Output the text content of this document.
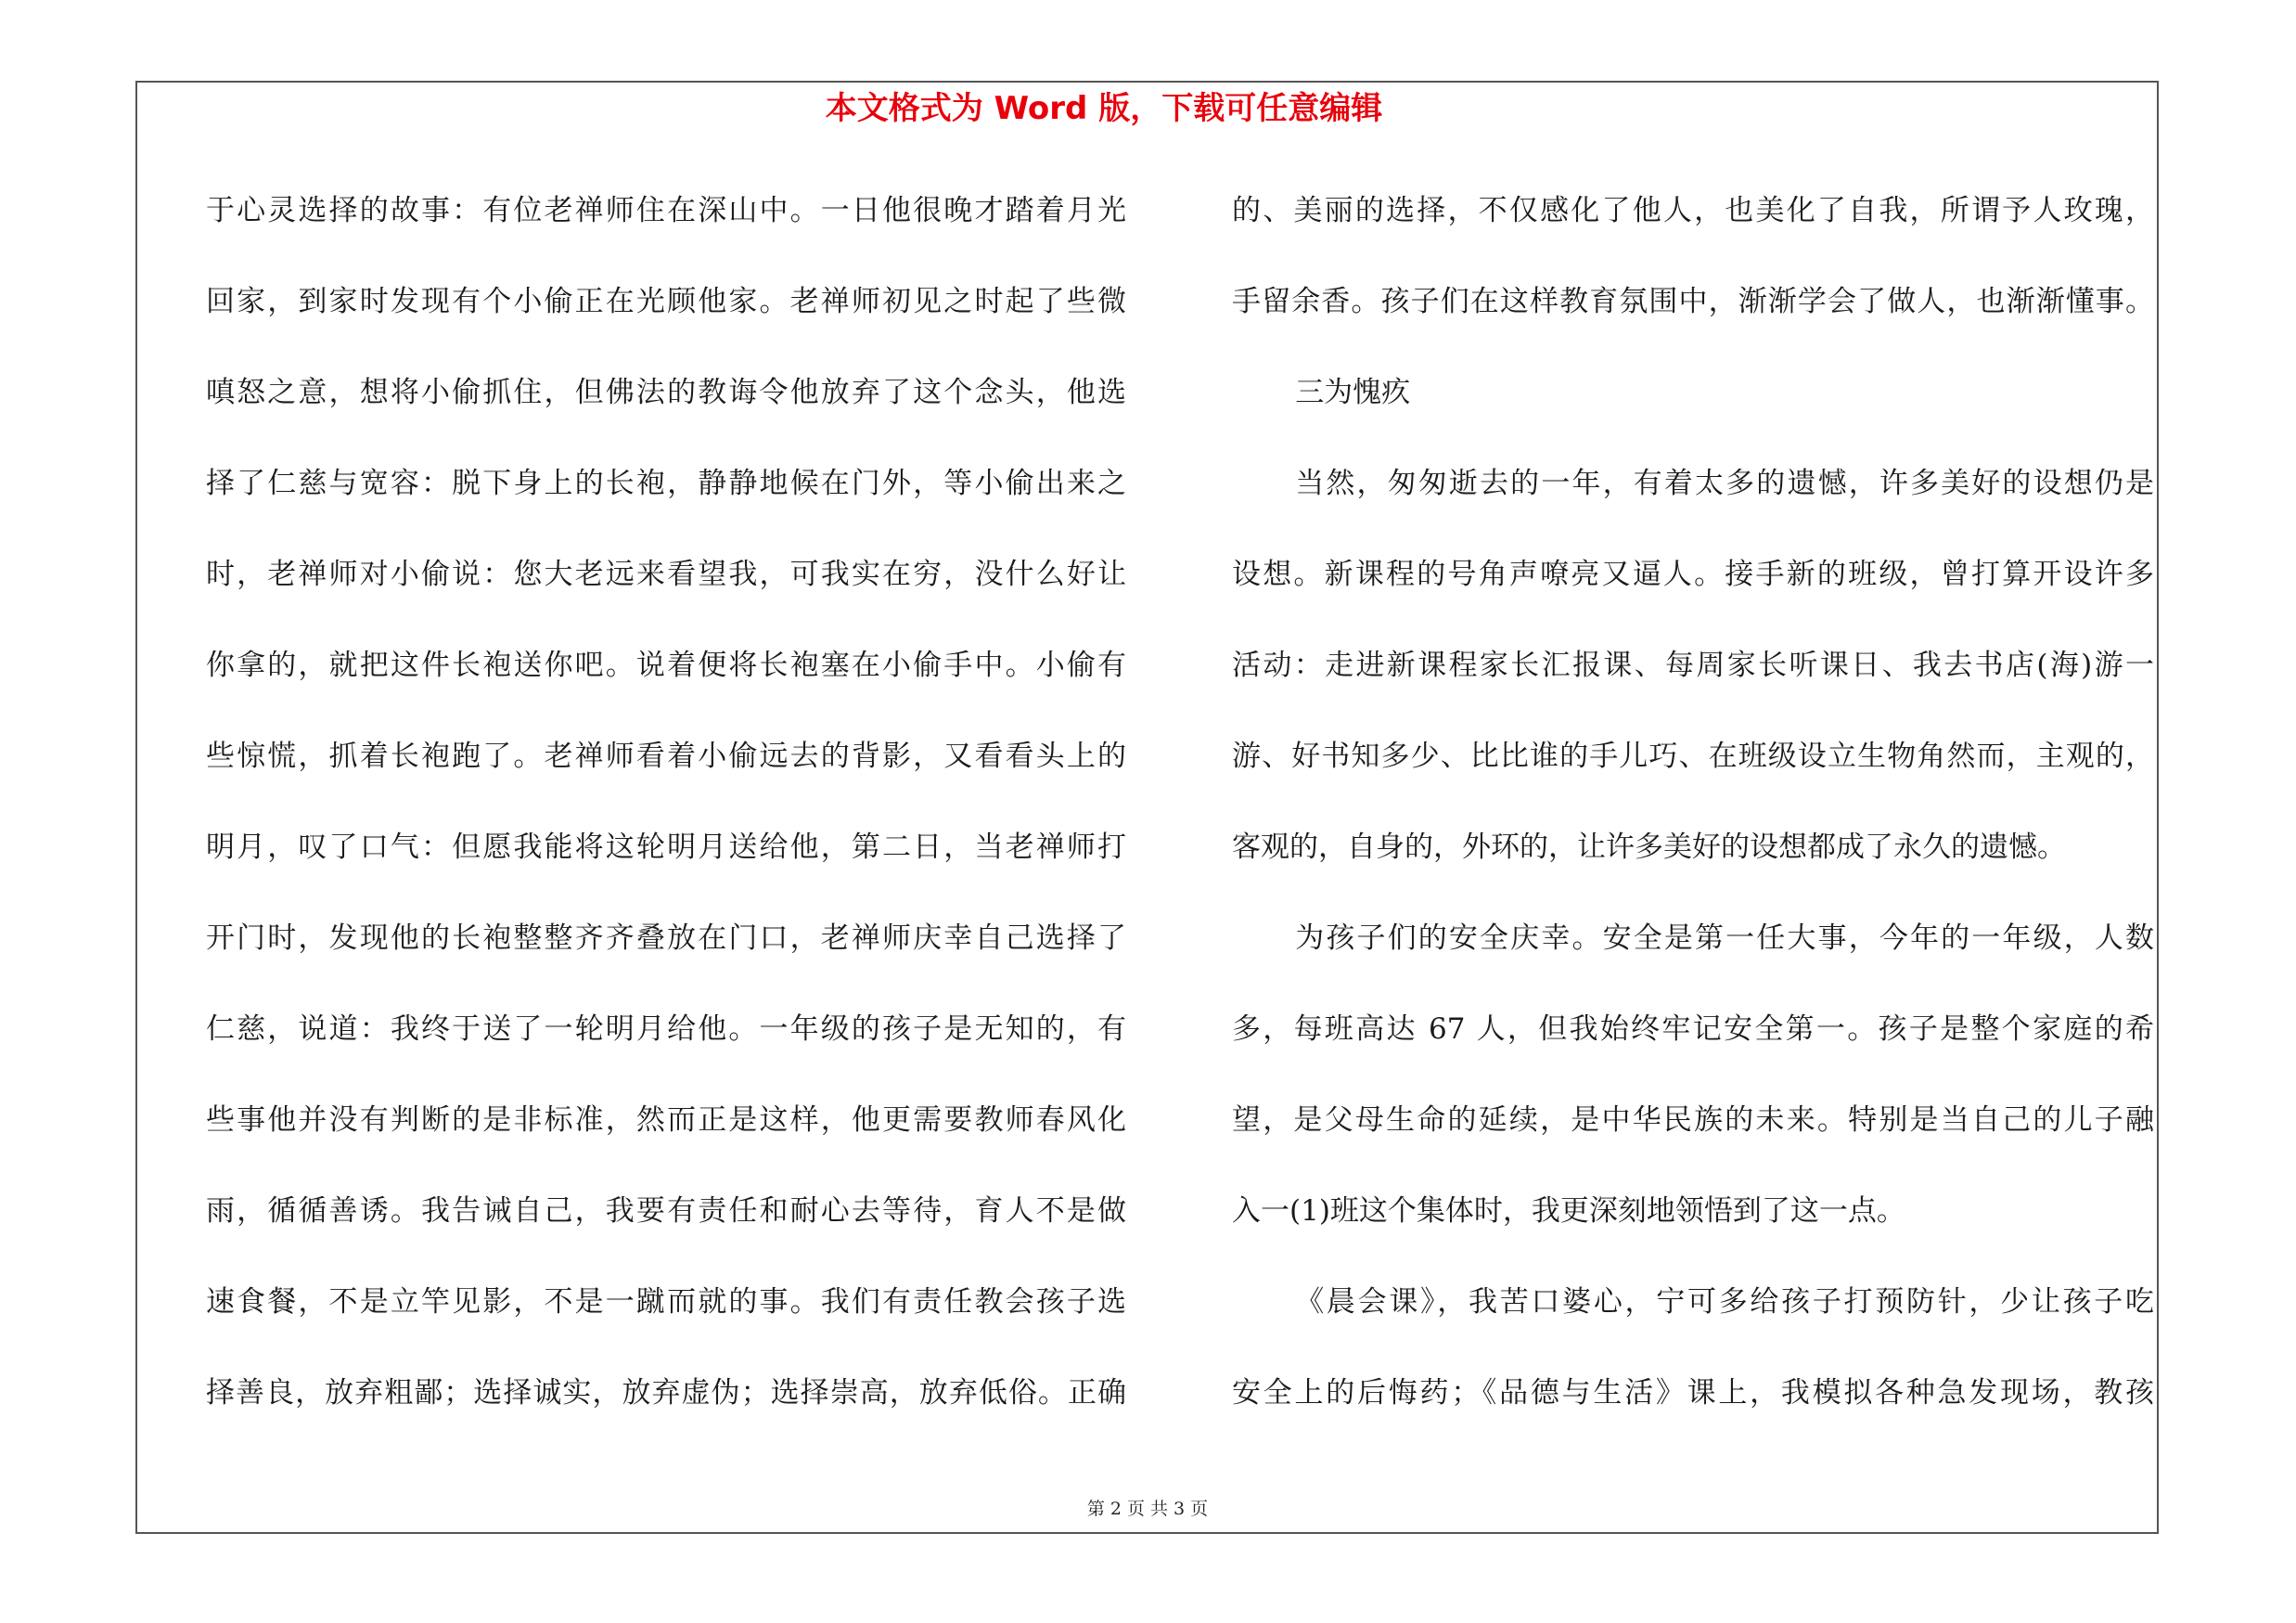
本文格式为 Word 版，下载可任意编辑
于心灵选择的故事：有位老禅师住在深山中。一日他很晚才踏着月光
回家，到家时发现有个小偷正在光顾他家。老禅师初见之时起了些微
嗔怒之意，想将小偷抓住，但佛法的教诲令他放弃了这个念头，他选
择了仁慈与宽容：脱下身上的长袍，静静地候在门外，等小偷出来之
时，老禅师对小偷说：您大老远来看望我，可我实在穷，没什么好让
你拿的，就把这件长袍送你吧。说着便将长袍塞在小偷手中。小偷有
些惊慌，抓着长袍跑了。老禅师看着小偷远去的背影，又看看头上的
明月，叹了口气：但愿我能将这轮明月送给他，第二日，当老禅师打
开门时，发现他的长袍整整齐齐叠放在门口，老禅师庆幸自己选择了
仁慈，说道：我终于送了一轮明月给他。一年级的孩子是无知的，有
些事他并没有判断的是非标准，然而正是这样，他更需要教师春风化
雨，循循善诱。我告诫自己，我要有责任和耐心去等待，育人不是做
速食餐，不是立竿见影，不是一蹴而就的事。我们有责任教会孩子选
择善良，放弃粗鄙；选择诚实，放弃虚伪；选择崇高，放弃低俗。正确
的、美丽的选择，不仅感化了他人，也美化了自我，所谓予人玫瑰，
手留余香。孩子们在这样教育氛围中，渐渐学会了做人，也渐渐懂事。
三为愧疚
当然，匆匆逝去的一年，有着太多的遗憾，许多美好的设想仍是
设想。新课程的号角声嘹亮又逼人。接手新的班级，曾打算开设许多
活动：走进新课程家长汇报课、每周家长听课日、我去书店(海)游一
游、好书知多少、比比谁的手儿巧、在班级设立生物角然而，主观的，
客观的，自身的，外环的，让许多美好的设想都成了永久的遗憾。
为孩子们的安全庆幸。安全是第一任大事，今年的一年级，人数
多，每班高达 67 人，但我始终牢记安全第一。孩子是整个家庭的希
望，是父母生命的延续，是中华民族的未来。特别是当自己的儿子融
入一(1)班这个集体时，我更深刻地领悟到了这一点。
《晨会课》，我苦口婆心，宁可多给孩子打预防针，少让孩子吃
安全上的后悔药；《品德与生活》课上，我模拟各种急发现场，教孩
第 2 页 共 3 页
